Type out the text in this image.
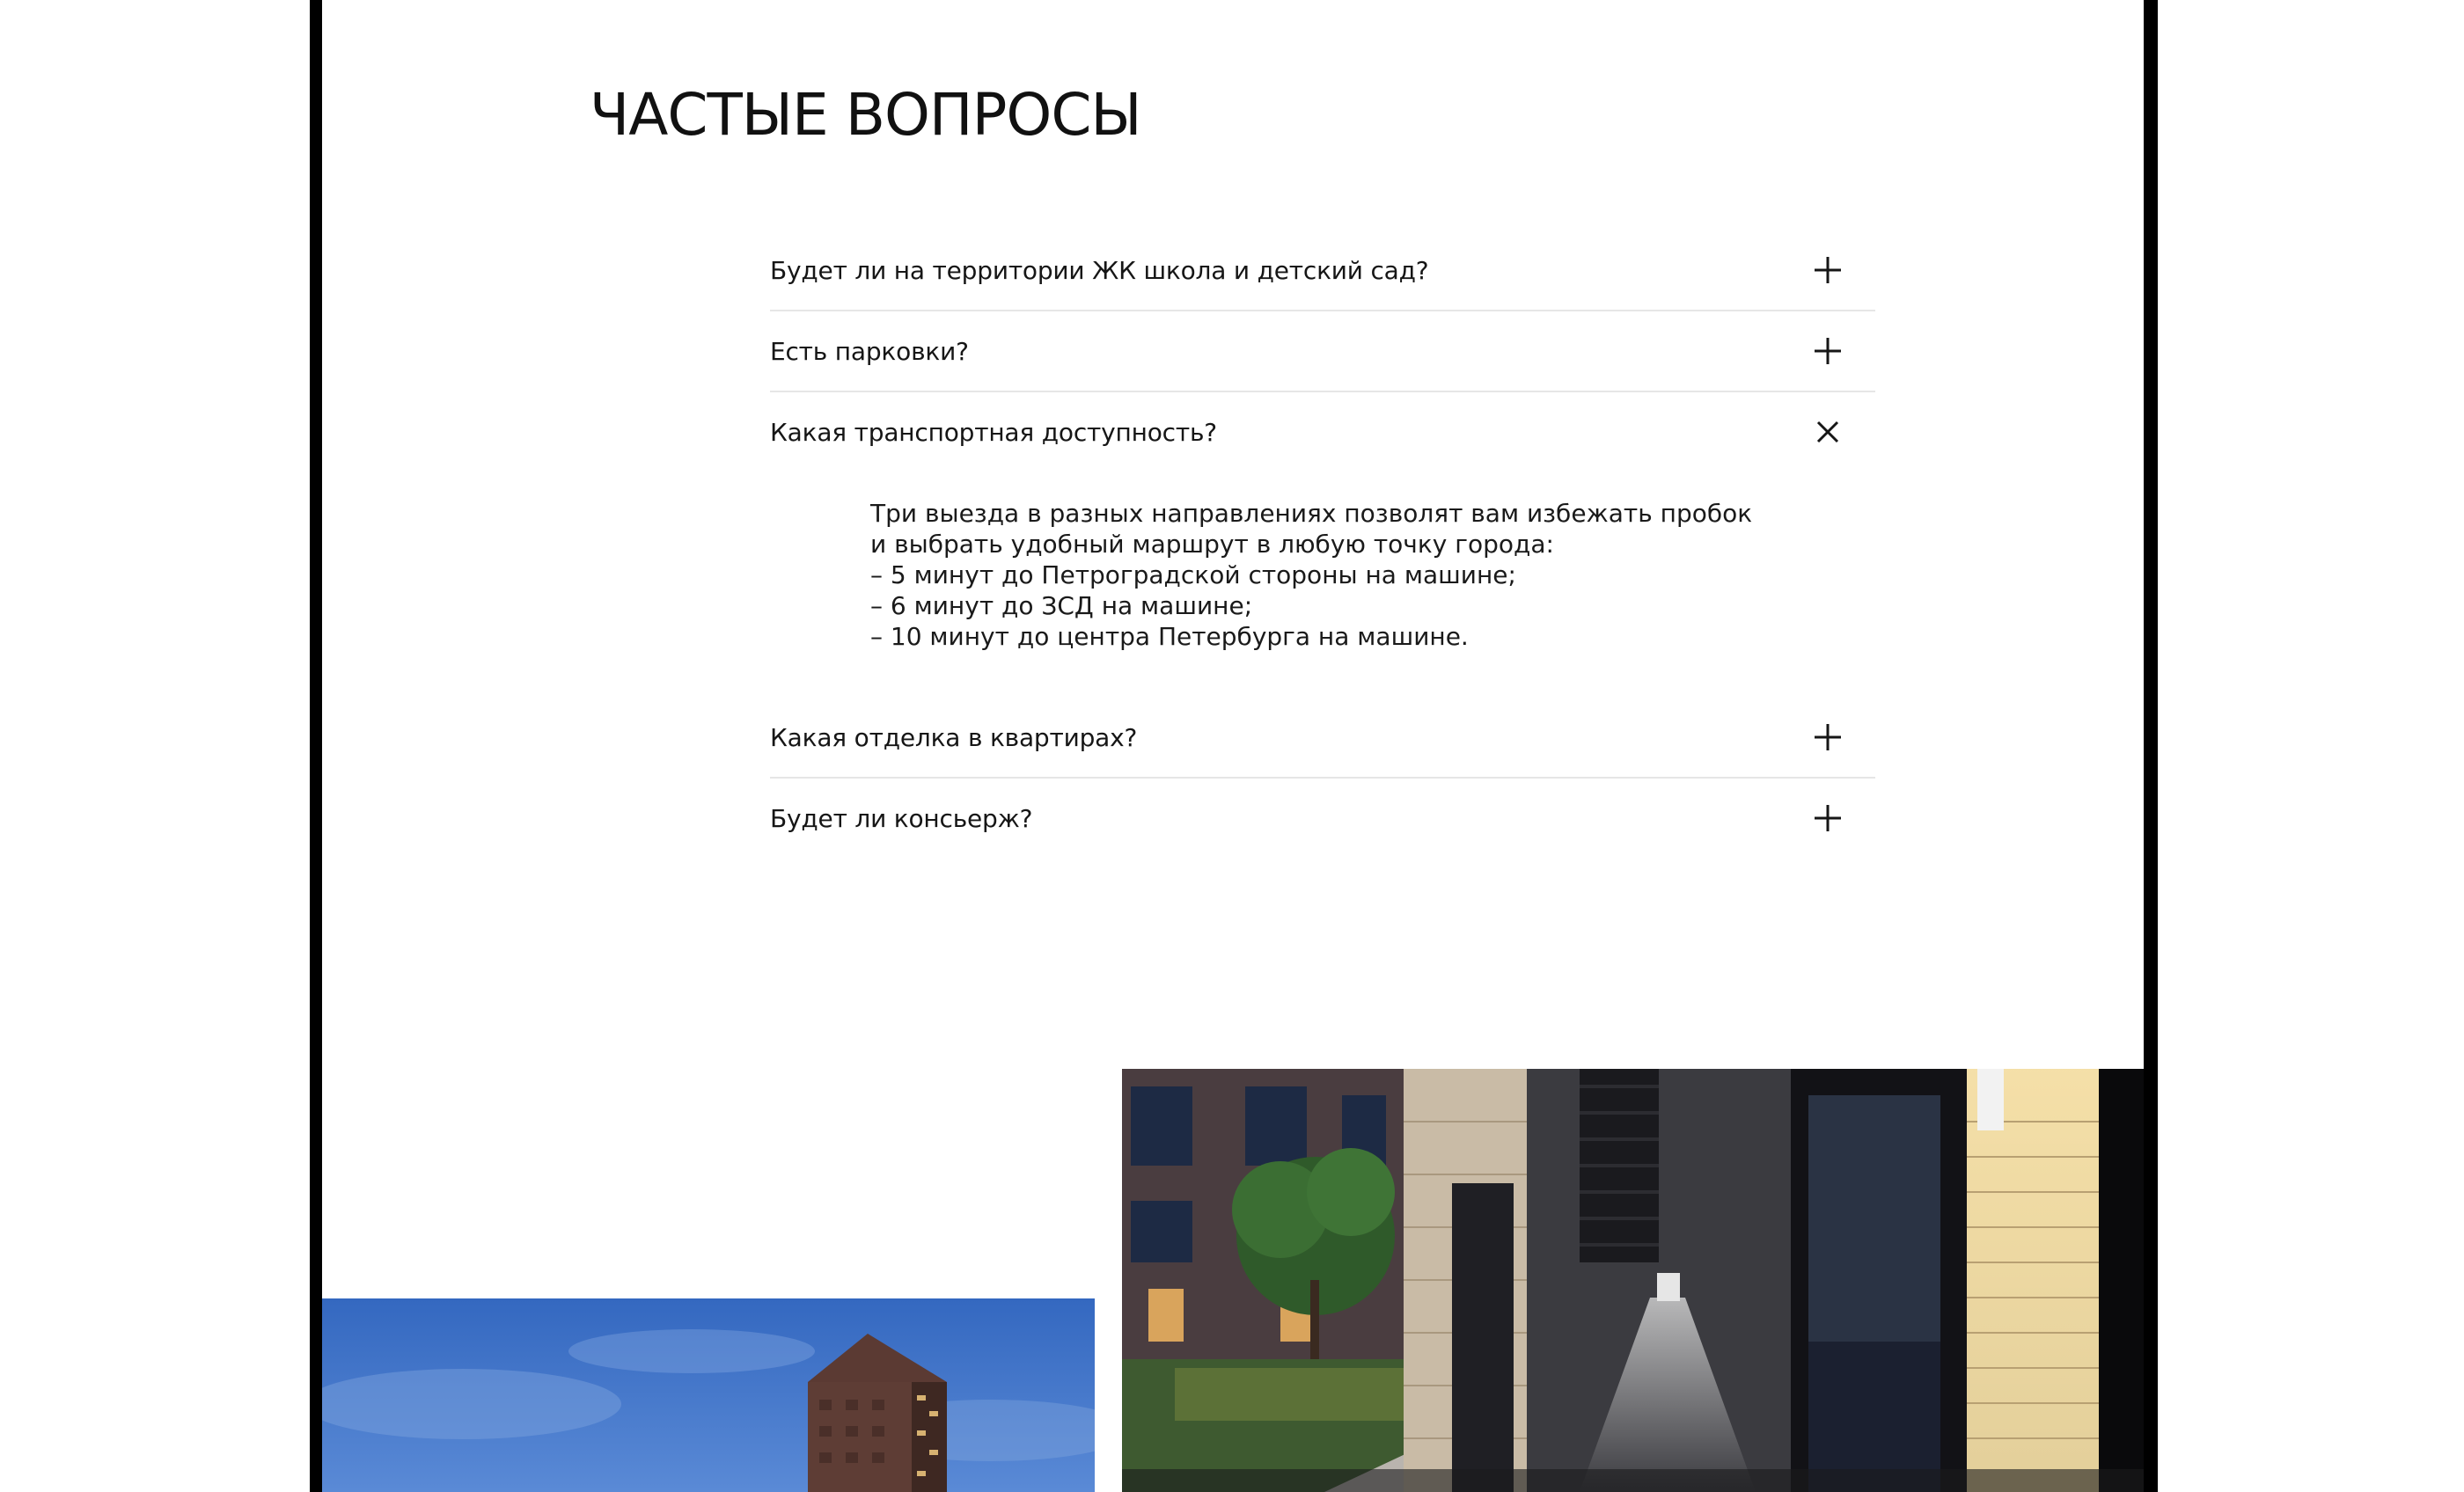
ЧАСТЫЕ ВОПРОСЫ
Будет ли на территории ЖК школа и детский сад?
Есть парковки?
Какая транспортная доступность?
Три выезда в разных направлениях позволят вам избежать пробок
и выбрать удобный маршрут в любую точку города:
– 5 минут до Петроградской стороны на машине;
– 6 минут до ЗСД на машине;
– 10 минут до центра Петербурга на машине.
Какая отделка в квартирах?
Будет ли консьерж?
